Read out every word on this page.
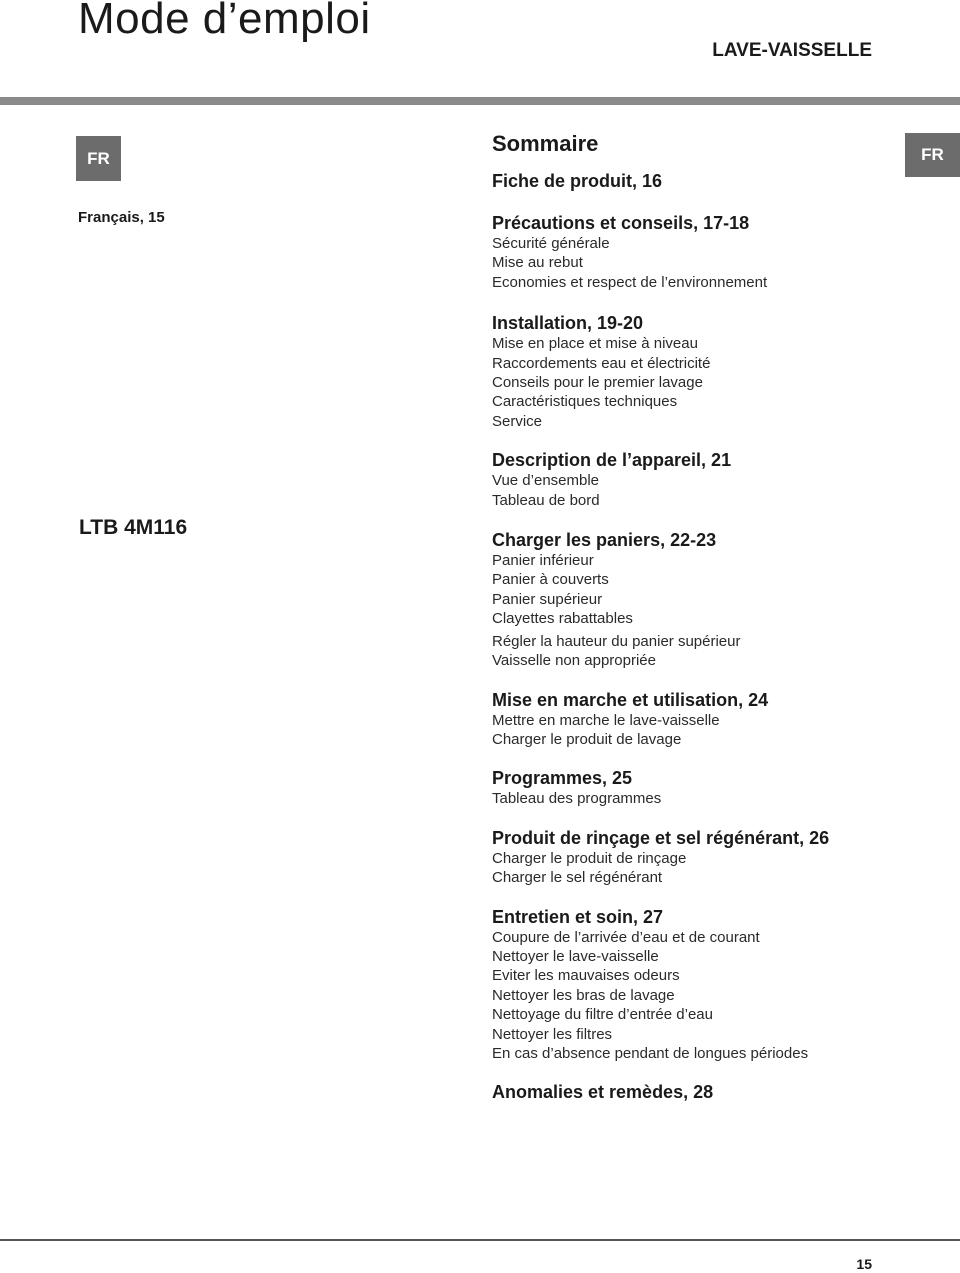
Mode d’emploi
LAVE-VAISSELLE
FR	FR
Français, 15
LTB 4M116
Sommaire
Fiche de produit, 16
Précautions et conseils, 17-18
Sécurité générale
Mise au rebut
Economies et respect de l’environnement
Installation, 19-20
Mise en place et mise à niveau
Raccordements eau et électricité
Conseils pour le premier lavage
Caractéristiques techniques
Service
Description de l’appareil, 21
Vue d’ensemble
Tableau de bord
Charger les paniers, 22-23
Panier inférieur
Panier à couverts
Panier supérieur
Clayettes rabattables
Régler la hauteur du panier supérieur
Vaisselle non appropriée
Mise en marche et utilisation, 24
Mettre en marche le lave-vaisselle
Charger le produit de lavage
Programmes, 25
Tableau des programmes
Produit de rinçage et sel régénérant, 26
Charger le produit de rinçage
Charger le sel régénérant
Entretien et soin, 27
Coupure de l’arrivée d’eau et de courant
Nettoyer le lave-vaisselle
Eviter les mauvaises odeurs
Nettoyer les bras de lavage
Nettoyage du filtre d’entrée d’eau
Nettoyer les filtres
En cas d’absence pendant de longues périodes
Anomalies et remèdes, 28
15
